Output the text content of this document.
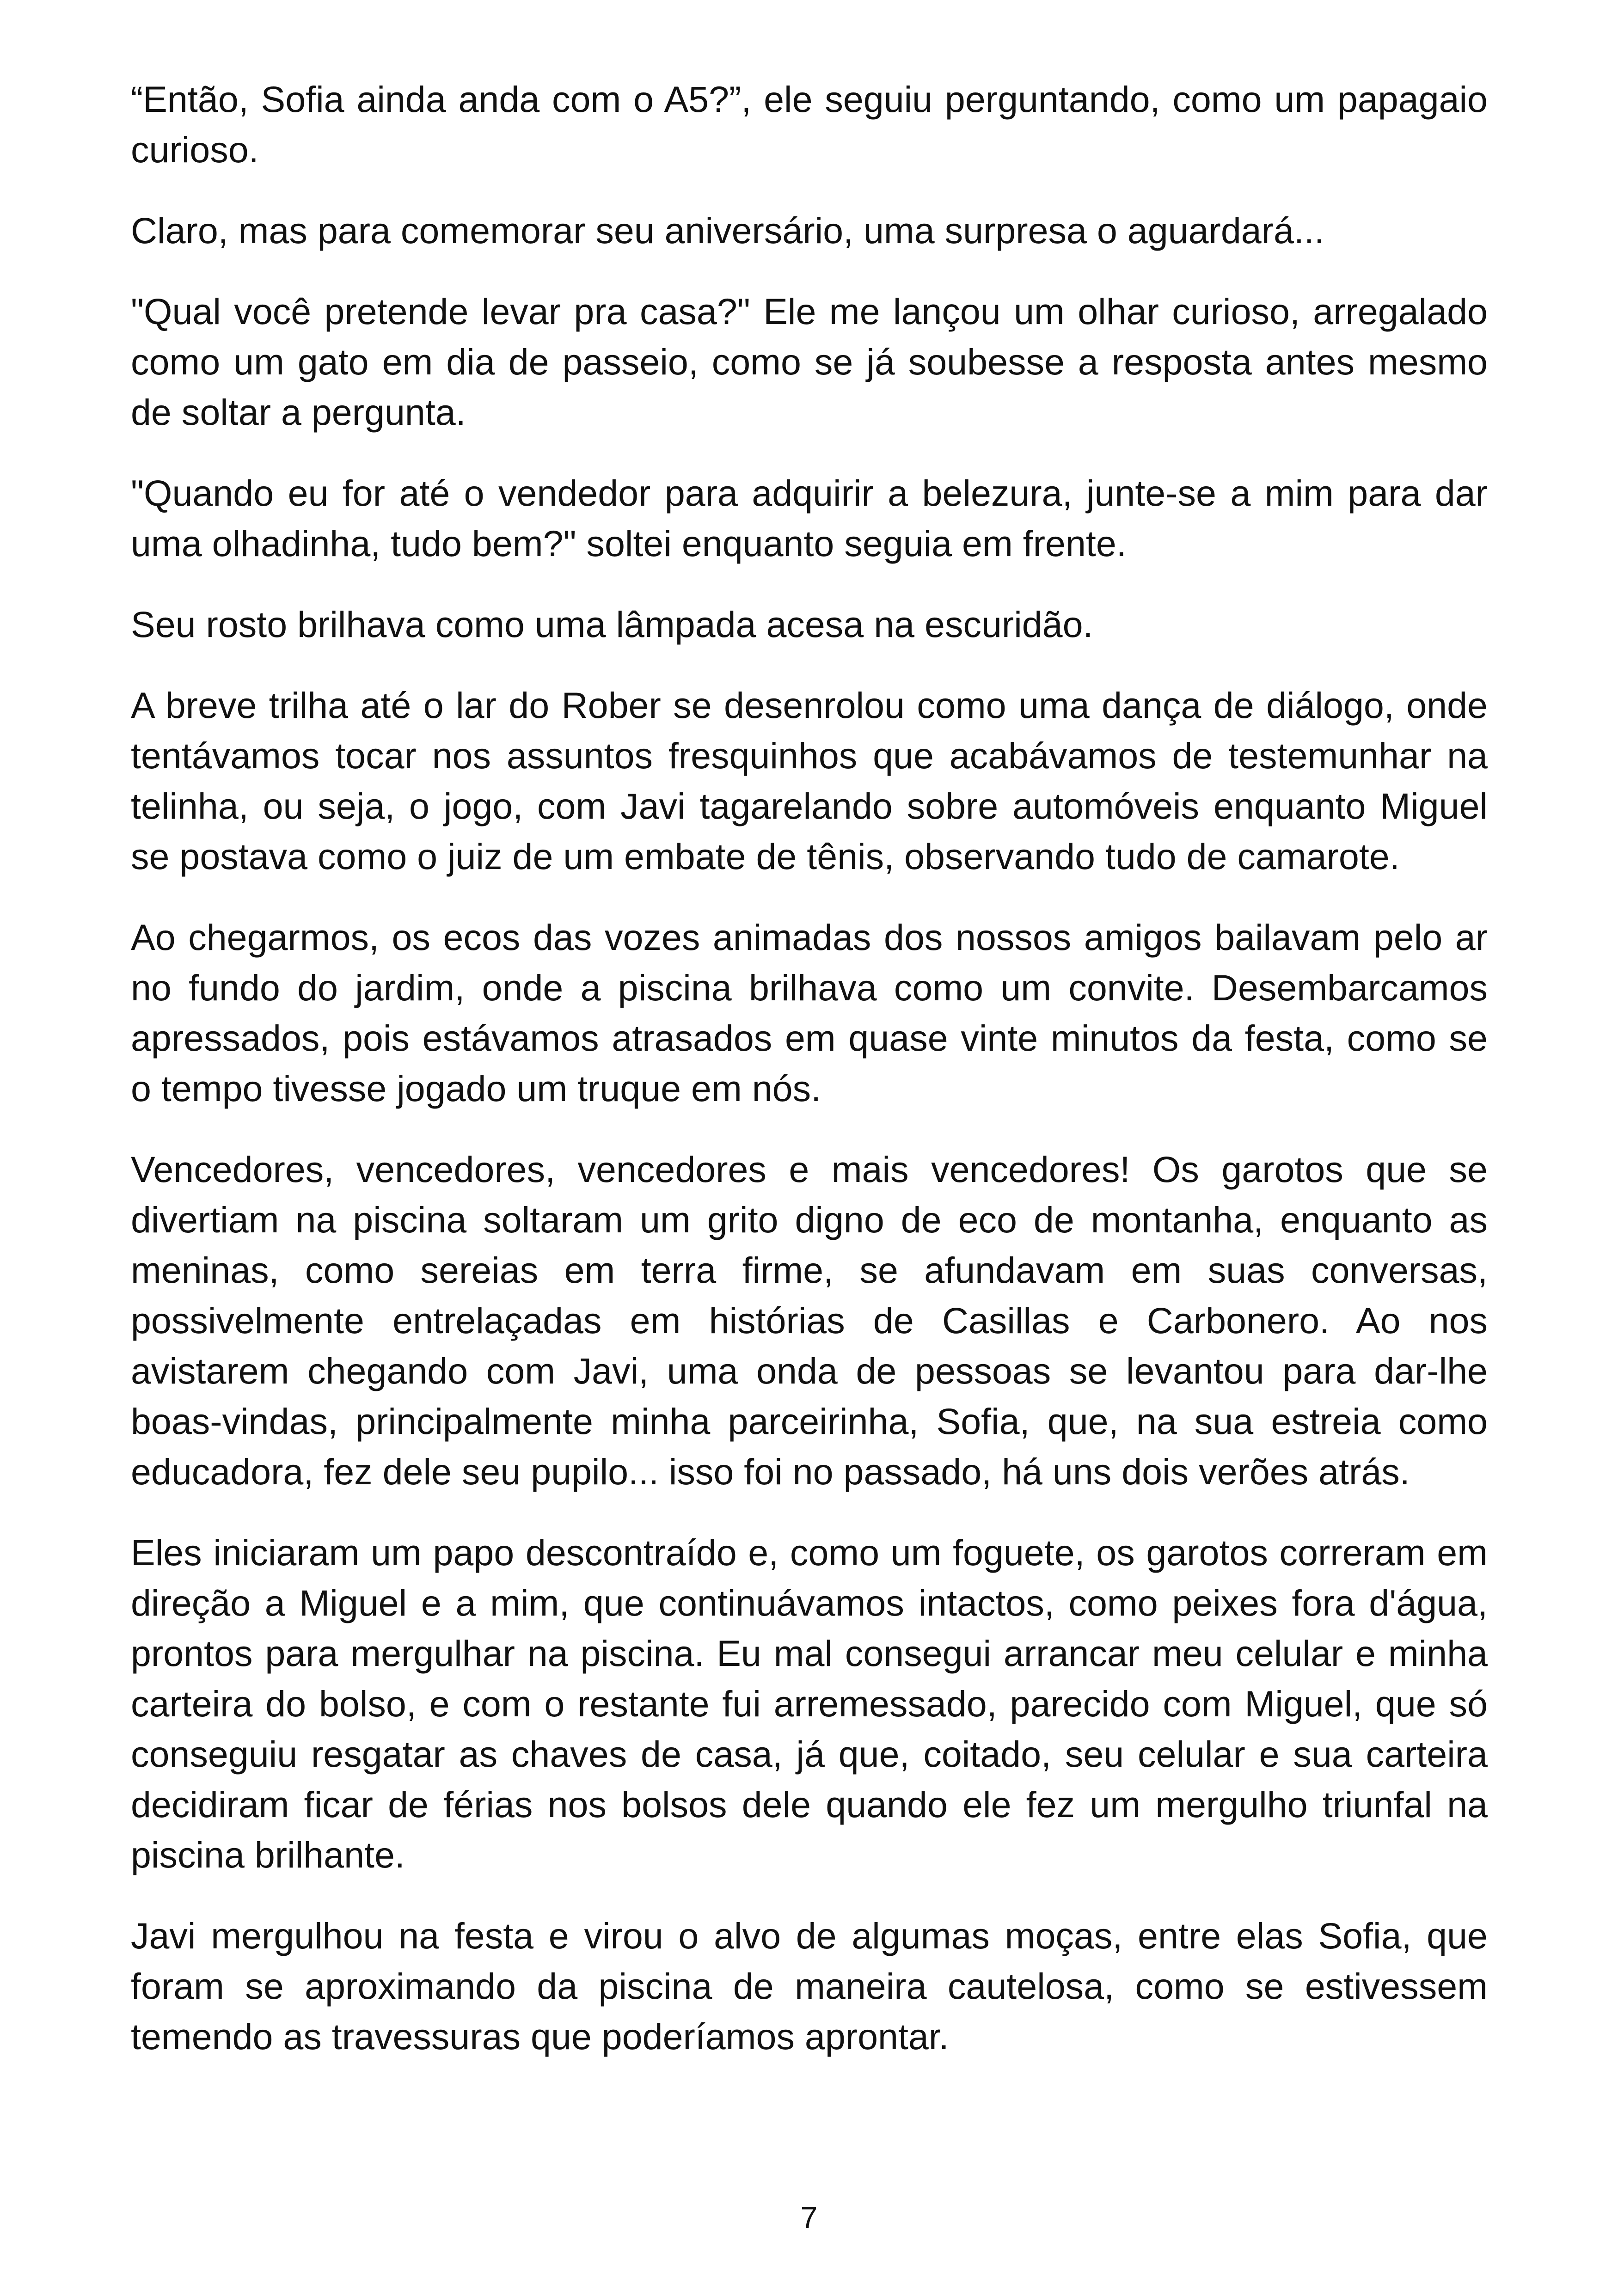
“Então, Sofia ainda anda com o A5?”, ele seguiu perguntando, como um papagaio curioso.

Claro, mas para comemorar seu aniversário, uma surpresa o aguardará...

"Qual você pretende levar pra casa?" Ele me lançou um olhar curioso, arregalado como um gato em dia de passeio, como se já soubesse a resposta antes mesmo de soltar a pergunta.

"Quando eu for até o vendedor para adquirir a belezura, junte-se a mim para dar uma olhadinha, tudo bem?" soltei enquanto seguia em frente.

Seu rosto brilhava como uma lâmpada acesa na escuridão.

A breve trilha até o lar do Rober se desenrolou como uma dança de diálogo, onde tentávamos tocar nos assuntos fresquinhos que acabávamos de testemunhar na telinha, ou seja, o jogo, com Javi tagarelando sobre automóveis enquanto Miguel se postava como o juiz de um embate de tênis, observando tudo de camarote.

Ao chegarmos, os ecos das vozes animadas dos nossos amigos bailavam pelo ar no fundo do jardim, onde a piscina brilhava como um convite. Desembarcamos apressados, pois estávamos atrasados em quase vinte minutos da festa, como se o tempo tivesse jogado um truque em nós.

Vencedores, vencedores, vencedores e mais vencedores! Os garotos que se divertiam na piscina soltaram um grito digno de eco de montanha, enquanto as meninas, como sereias em terra firme, se afundavam em suas conversas, possivelmente entrelaçadas em histórias de Casillas e Carbonero. Ao nos avistarem chegando com Javi, uma onda de pessoas se levantou para dar-lhe boas-vindas, principalmente minha parceirinha, Sofia, que, na sua estreia como educadora, fez dele seu pupilo... isso foi no passado, há uns dois verões atrás.

Eles iniciaram um papo descontraído e, como um foguete, os garotos correram em direção a Miguel e a mim, que continuávamos intactos, como peixes fora d'água, prontos para mergulhar na piscina. Eu mal consegui arrancar meu celular e minha carteira do bolso, e com o restante fui arremessado, parecido com Miguel, que só conseguiu resgatar as chaves de casa, já que, coitado, seu celular e sua carteira decidiram ficar de férias nos bolsos dele quando ele fez um mergulho triunfal na piscina brilhante.

Javi mergulhou na festa e virou o alvo de algumas moças, entre elas Sofia, que foram se aproximando da piscina de maneira cautelosa, como se estivessem temendo as travessuras que poderíamos aprontar.

7
